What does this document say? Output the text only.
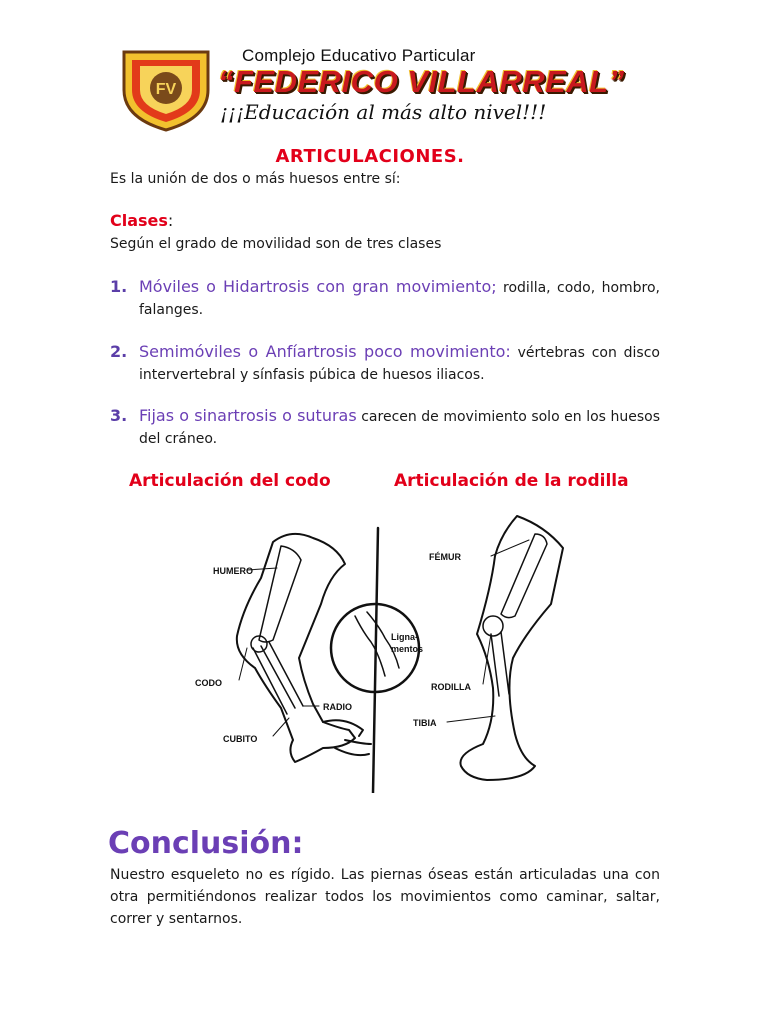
FV
Complejo Educativo Particular
“FEDERICO VILLARREAL”
¡¡¡Educación al más alto nivel!!!
ARTICULACIONES.
Es la unión de dos o más huesos entre sí:
Clases:
Según el grado de movilidad son de tres clases
1. Móviles o Hidartrosis con gran movimiento; rodilla, codo, hombro, falanges.
2. Semimóviles o Anfíartrosis poco movimiento: vértebras con disco intervertebral y sínfasis púbica de huesos iliacos.
3. Fijas o sinartrosis o suturas carecen de movimiento solo en los huesos del cráneo.
Articulación del codo	Articulación de la rodilla
HUMERO
CODO
RADIO
CUBITO
Ligna-
mentos
FÉMUR
RODILLA
TIBIA
Conclusión:
Nuestro esqueleto no es rígido. Las piernas óseas están articuladas una con otra permitiéndonos realizar todos los movimientos como caminar, saltar, correr y sentarnos.
